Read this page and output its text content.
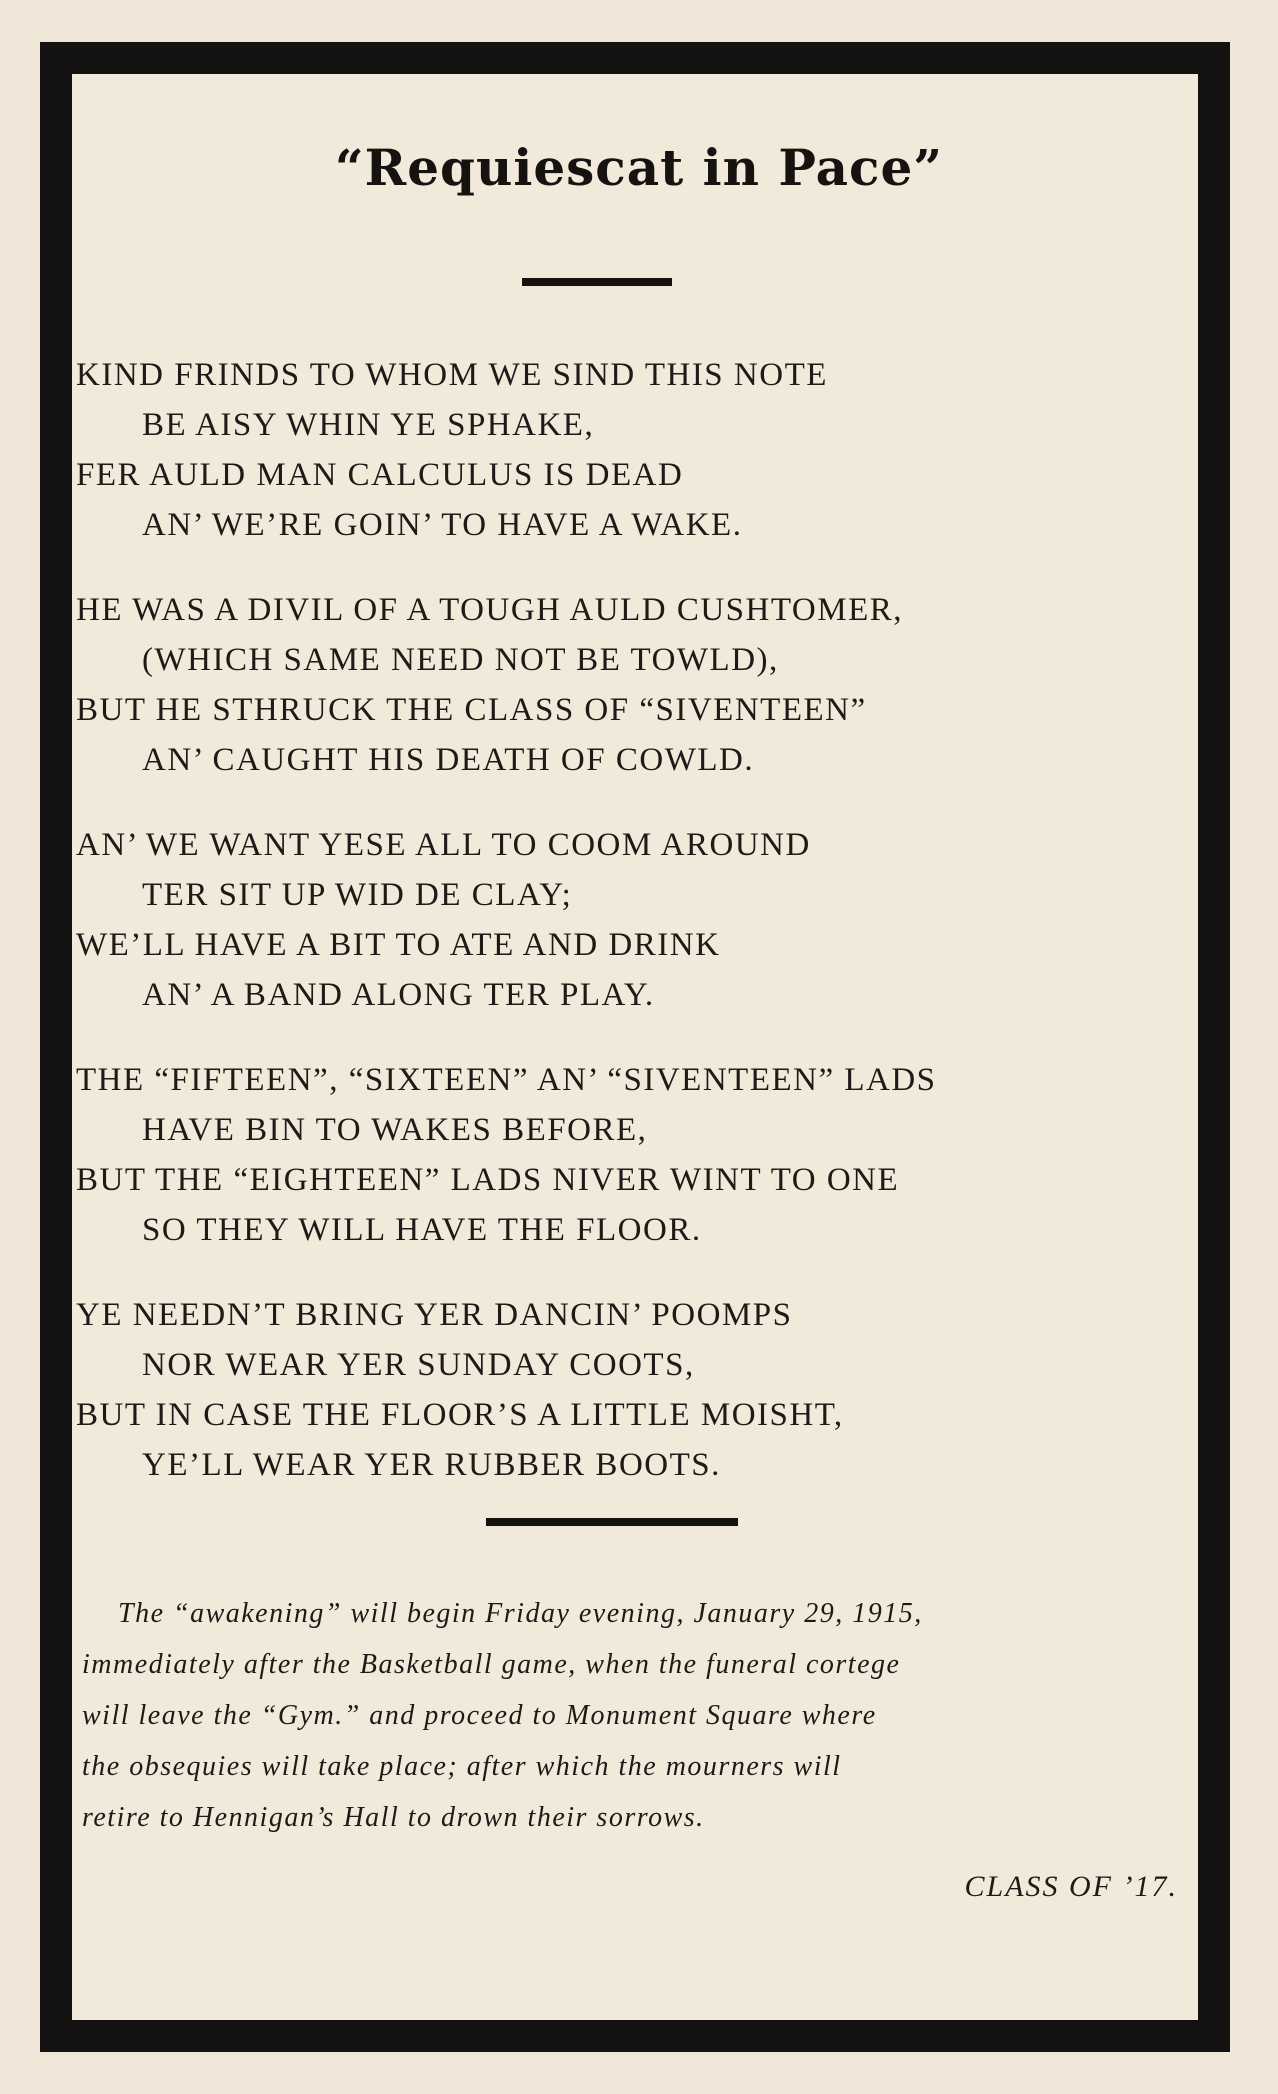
“Requiescat in Pace”
KIND FRINDS TO WHOM WE SIND THIS NOTE
BE AISY WHIN YE SPHAKE,
FER AULD MAN CALCULUS IS DEAD
AN’ WE’RE GOIN’ TO HAVE A WAKE.
HE WAS A DIVIL OF A TOUGH AULD CUSHTOMER,
(WHICH SAME NEED NOT BE TOWLD),
BUT HE STHRUCK THE CLASS OF “SIVENTEEN”
AN’ CAUGHT HIS DEATH OF COWLD.
AN’ WE WANT YESE ALL TO COOM AROUND
TER SIT UP WID DE CLAY;
WE’LL HAVE A BIT TO ATE AND DRINK
AN’ A BAND ALONG TER PLAY.
THE “FIFTEEN”, “SIXTEEN” AN’ “SIVENTEEN” LADS
HAVE BIN TO WAKES BEFORE,
BUT THE “EIGHTEEN” LADS NIVER WINT TO ONE
SO THEY WILL HAVE THE FLOOR.
YE NEEDN’T BRING YER DANCIN’ POOMPS
NOR WEAR YER SUNDAY COOTS,
BUT IN CASE THE FLOOR’S A LITTLE MOISHT,
YE’LL WEAR YER RUBBER BOOTS.
The “awakening” will begin Friday evening, January 29, 1915,
immediately after the Basketball game, when the funeral cortege
will leave the “Gym.” and proceed to Monument Square where
the obsequies will take place; after which the mourners will
retire to Hennigan’s Hall to drown their sorrows.
CLASS OF ’17.
